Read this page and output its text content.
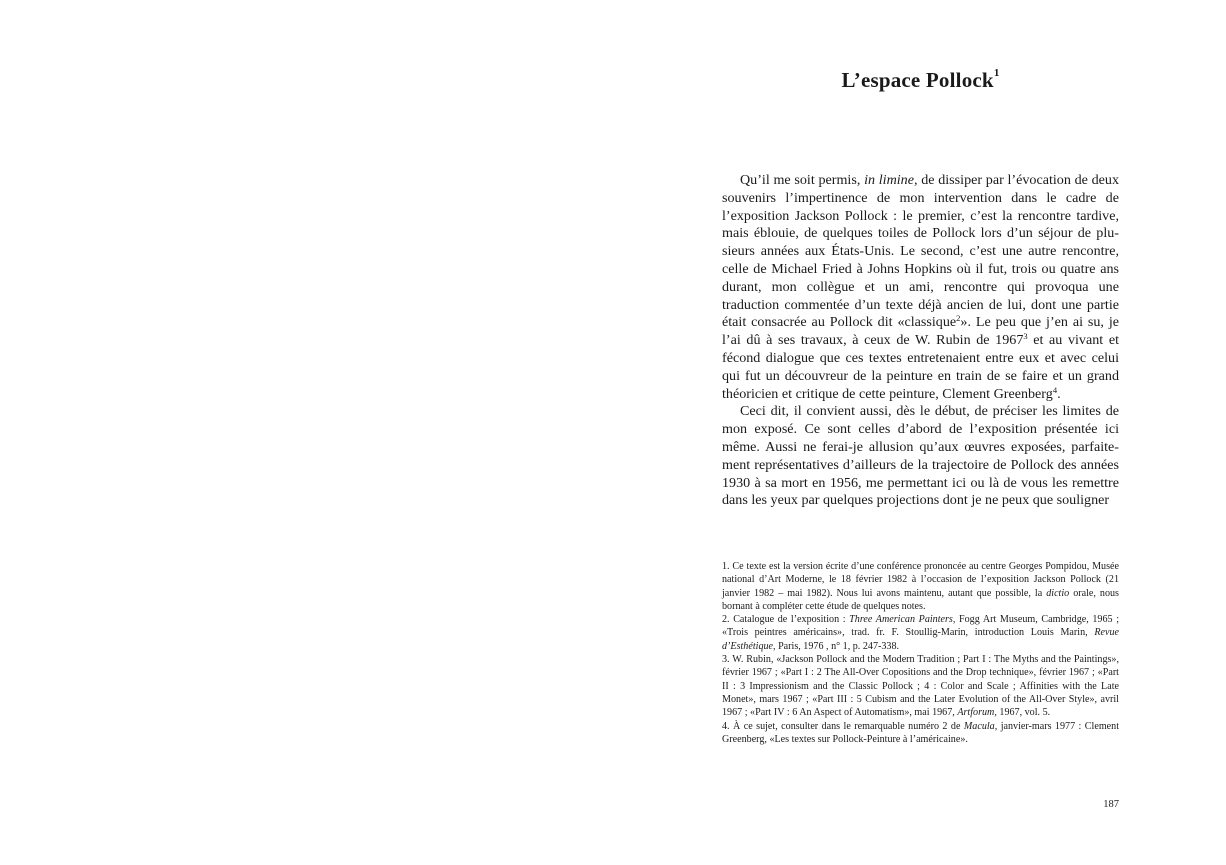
L’espace Pollock$^1$

Qu’il me soit permis, in limine, de dissiper par l’évocation de deux souvenirs l’impertinence de mon intervention dans le cadre de l’exposition Jackson Pollock : le premier, c’est la rencontre tardive, mais éblouie, de quelques toiles de Pollock lors d’un séjour de plu-sieurs années aux États-Unis. Le second, c’est une autre rencontre, celle de Michael Fried à Johns Hopkins où il fut, trois ou quatre ans durant, mon collègue et un ami, rencontre qui provoqua une traduction commentée d’un texte déjà ancien de lui, dont une partie était consacrée au Pollock dit «classique$^2$». Le peu que j’en ai su, je l’ai dû à ses travaux, à ceux de W. Rubin de 1967$^3$ et au vivant et fécond dialogue que ces textes entretenaient entre eux et avec celui qui fut un découvreur de la peinture en train de se faire et un grand théoricien et critique de cette peinture, Clement Greenberg$^4$.

Ceci dit, il convient aussi, dès le début, de préciser les limites de mon exposé. Ce sont celles d’abord de l’exposition présentée ici même. Aussi ne ferai-je allusion qu’aux œuvres exposées, parfaite-ment représentatives d’ailleurs de la trajectoire de Pollock des années 1930 à sa mort en 1956, me permettant ici ou là de vous les remettre dans les yeux par quelques projections dont je ne peux que souligner

1. Ce texte est la version écrite d’une conférence prononcée au centre Georges Pompidou, Musée national d’Art Moderne, le 18 février 1982 à l’occasion de l’exposition Jackson Pollock (21 janvier 1982 – mai 1982). Nous lui avons maintenu, autant que possible, la dictio orale, nous bornant à compléter cette étude de quelques notes.

2. Catalogue de l’exposition : Three American Painters, Fogg Art Museum, Cambridge, 1965 ; «Trois peintres américains», trad. fr. F. Stoullig-Marin, introduction Louis Marin, Revue d’Esthétique, Paris, 1976 , n° 1, p. 247-338.

3. W. Rubin, «Jackson Pollock and the Modern Tradition ; Part I : The Myths and the Paintings», février 1967 ; «Part I : 2 The All-Over Copositions and the Drop technique», février 1967 ; «Part II : 3 Impressionism and the Classic Pollock ; 4 : Color and Scale ; Affinities with the Late Monet», mars 1967 ; «Part III : 5 Cubism and the Later Evolution of the All-Over Style», avril 1967 ; «Part IV : 6 An Aspect of Automatism», mai 1967, Artforum, 1967, vol. 5.

4. À ce sujet, consulter dans le remarquable numéro 2 de Macula, janvier-mars 1977 : Clement Greenberg, «Les textes sur Pollock-Peinture à l’américaine».

187
